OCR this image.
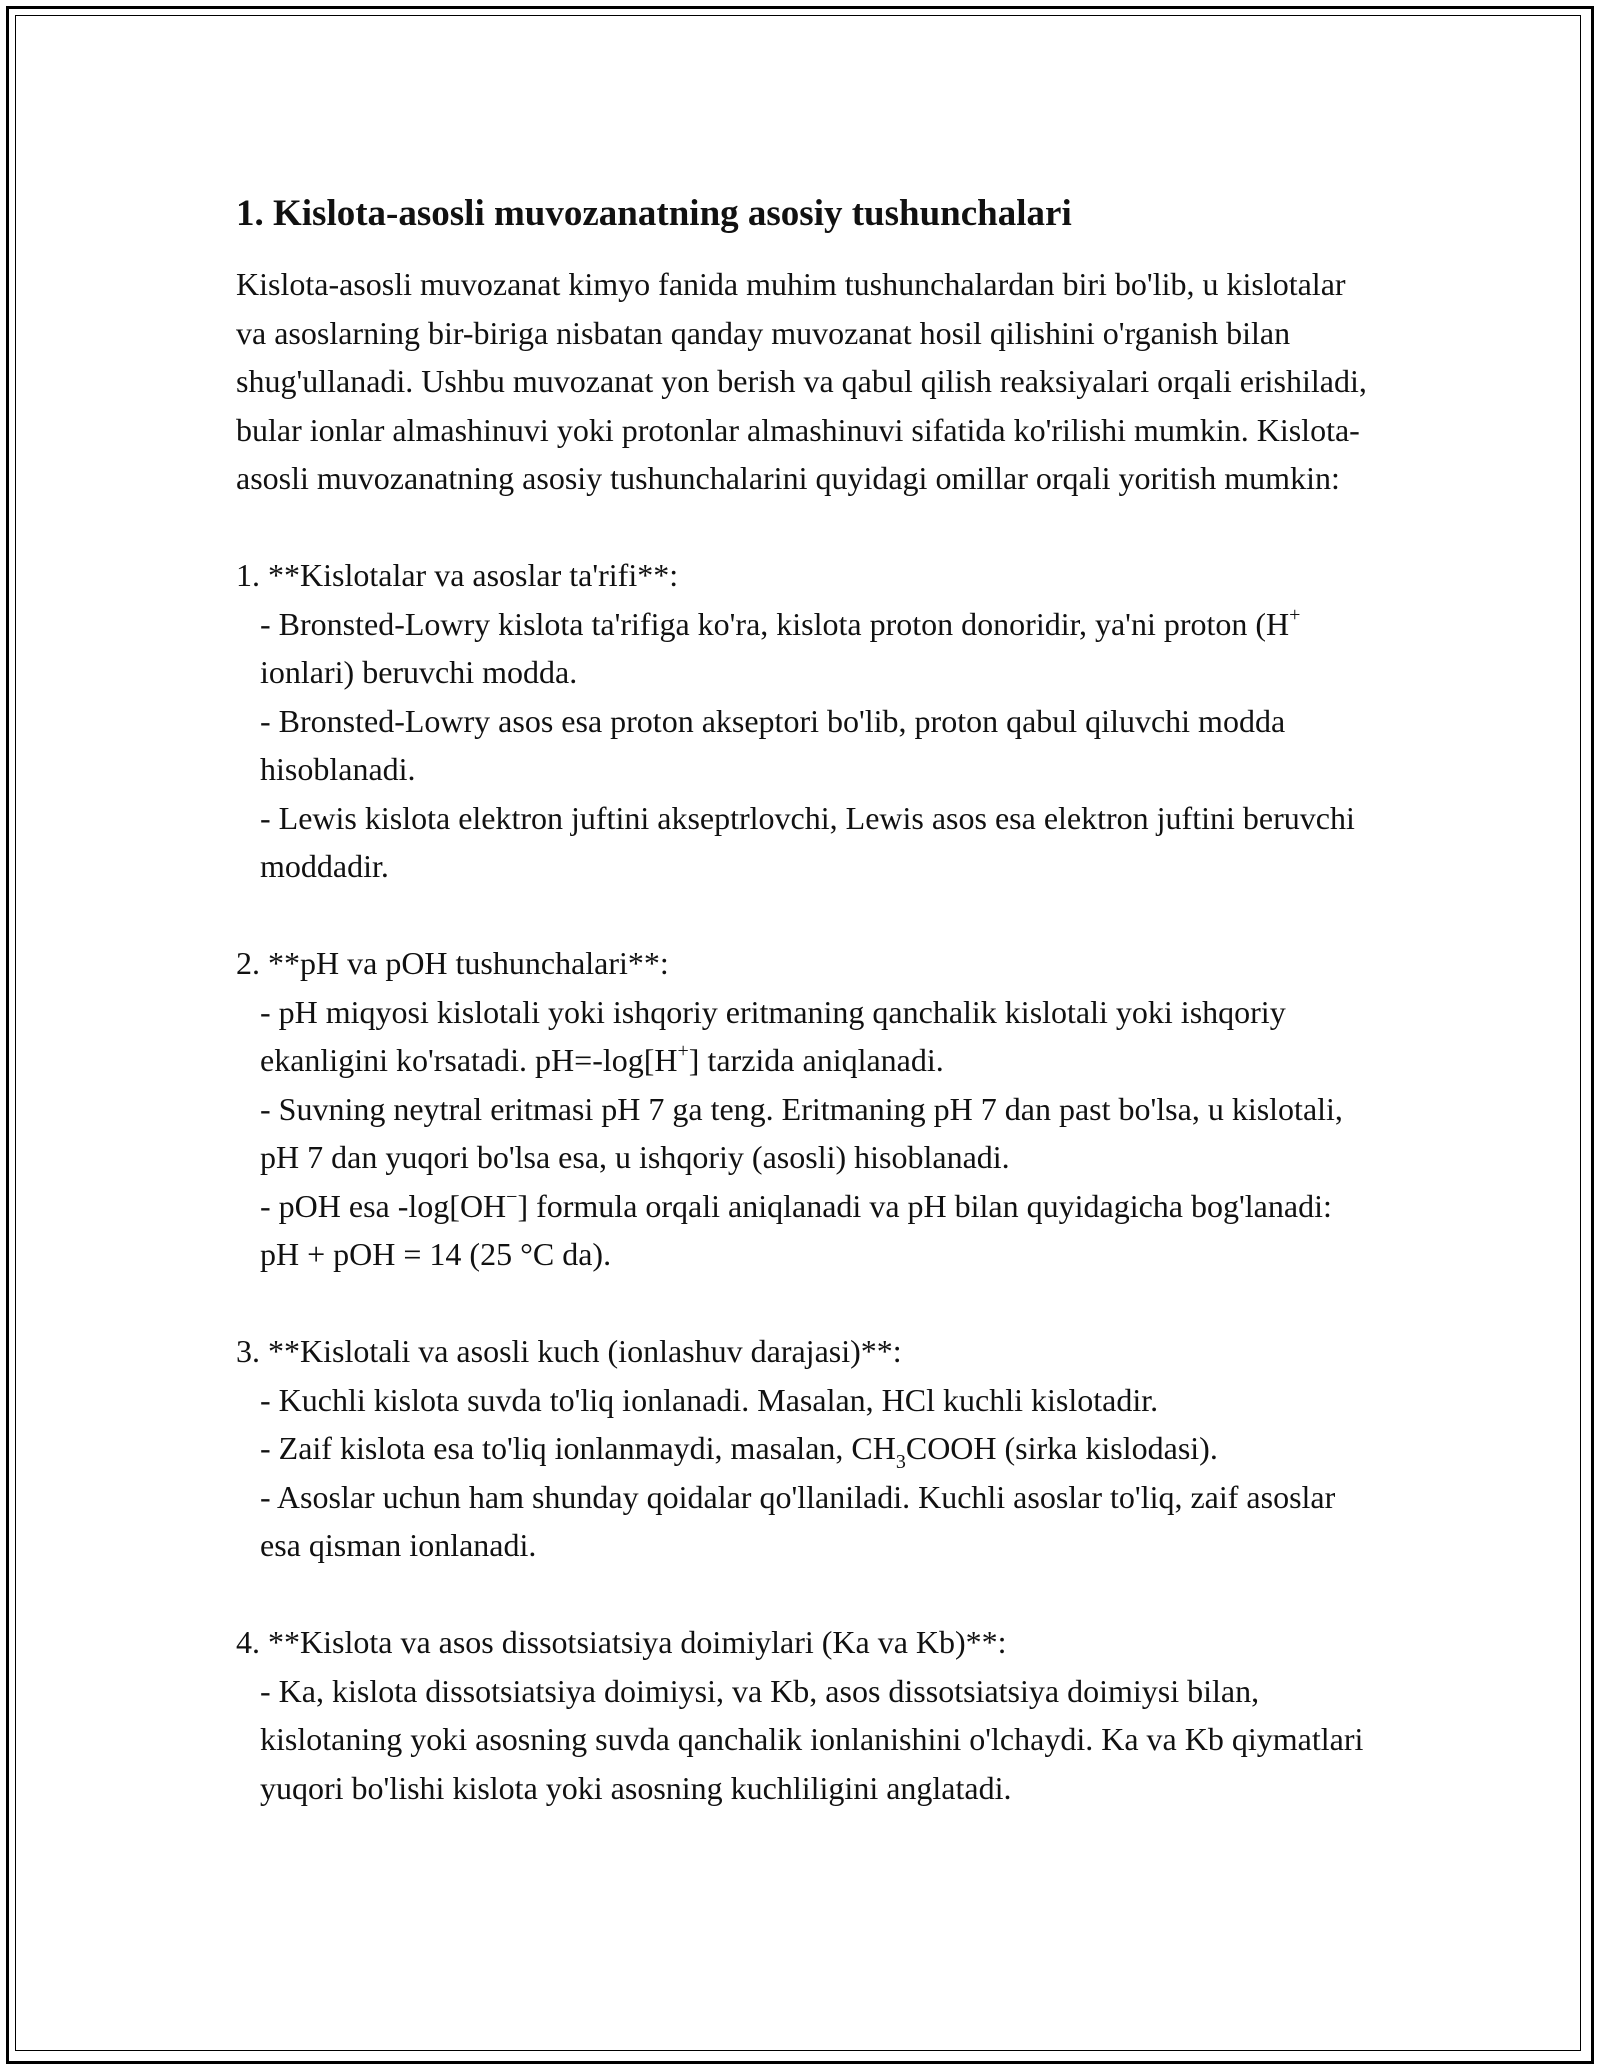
1. Kislota-asosli muvozanatning asosiy tushunchalari

Kislota-asosli muvozanat kimyo fanida muhim tushunchalardan biri bo'lib, u kislotalar va asoslarning bir-biriga nisbatan qanday muvozanat hosil qilishini o'rganish bilan shug'ullanadi. Ushbu muvozanat yon berish va qabul qilish reaksiyalari orqali erishiladi, bular ionlar almashinuvi yoki protonlar almashinuvi sifatida ko'rilishi mumkin. Kislota-asosli muvozanatning asosiy tushunchalarini quyidagi omillar orqali yoritish mumkin:

1. **Kislotalar va asoslar ta'rifi**:

- Bronsted-Lowry kislota ta'rifiga ko'ra, kislota proton donoridir, ya'ni proton (H+ ionlari) beruvchi modda.

- Bronsted-Lowry asos esa proton akseptori bo'lib, proton qabul qiluvchi modda hisoblanadi.

- Lewis kislota elektron juftini akseptrlovchi, Lewis asos esa elektron juftini beruvchi moddadir.

2. **pH va pOH tushunchalari**:

- pH miqyosi kislotali yoki ishqoriy eritmaning qanchalik kislotali yoki ishqoriy ekanligini ko'rsatadi. pH=-log[H+] tarzida aniqlanadi.

- Suvning neytral eritmasi pH 7 ga teng. Eritmaning pH 7 dan past bo'lsa, u kislotali, pH 7 dan yuqori bo'lsa esa, u ishqoriy (asosli) hisoblanadi.

- pOH esa -log[OH−] formula orqali aniqlanadi va pH bilan quyidagicha bog'lanadi: pH + pOH = 14 (25 °C da).

3. **Kislotali va asosli kuch (ionlashuv darajasi)**:

- Kuchli kislota suvda to'liq ionlanadi. Masalan, HCl kuchli kislotadir.

- Zaif kislota esa to'liq ionlanmaydi, masalan, $CH_3COOH$ (sirka kislodasi).

- Asoslar uchun ham shunday qoidalar qo'llaniladi. Kuchli asoslar to'liq, zaif asoslar esa qisman ionlanadi.

4. **Kislota va asos dissotsiatsiya doimiylari (Ka va Kb)**:

- Ka, kislota dissotsiatsiya doimiysi, va Kb, asos dissotsiatsiya doimiysi bilan, kislotaning yoki asosning suvda qanchalik ionlanishini o'lchaydi. Ka va Kb qiymatlari yuqori bo'lishi kislota yoki asosning kuchliligini anglatadi.
